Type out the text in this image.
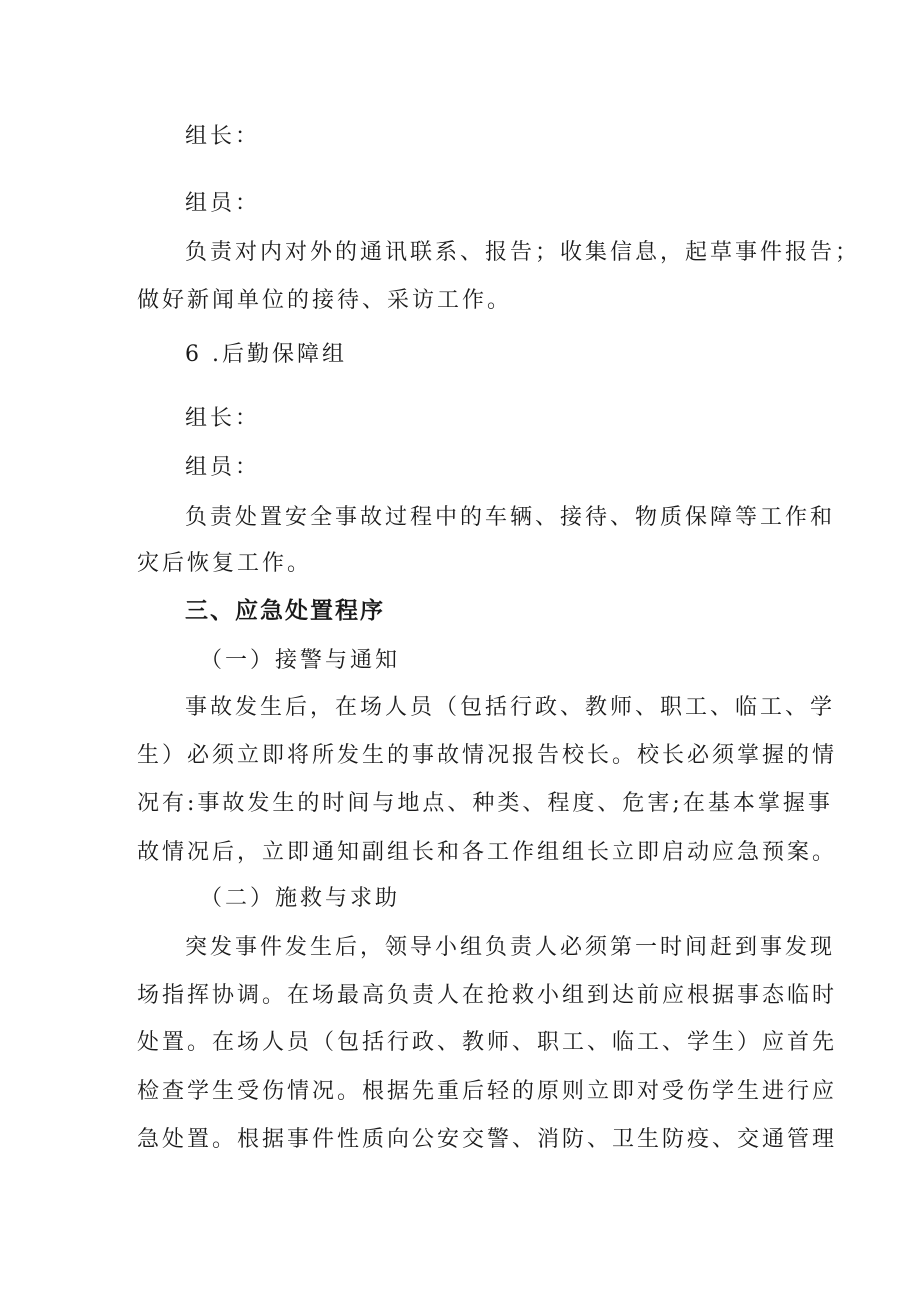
组长：
组员：
负责对内对外的通讯联系、报告；收集信息，起草事件报告；
做好新闻单位的接待、采访工作。
6 .后勤保障组
组长：
组员：
负责处置安全事故过程中的车辆、接待、物质保障等工作和
灾后恢复工作。
三、应急处置程序
（一）接警与通知
事故发生后，在场人员（包括行政、教师、职工、临工、学
生）必须立即将所发生的事故情况报告校长。校长必须掌握的情
况有:事故发生的时间与地点、种类、程度、危害;在基本掌握事
故情况后，立即通知副组长和各工作组组长立即启动应急预案。
（二）施救与求助
突发事件发生后，领导小组负责人必须第一时间赶到事发现
场指挥协调。在场最高负责人在抢救小组到达前应根据事态临时
处置。在场人员（包括行政、教师、职工、临工、学生）应首先
检查学生受伤情况。根据先重后轻的原则立即对受伤学生进行应
急处置。根据事件性质向公安交警、消防、卫生防疫、交通管理
